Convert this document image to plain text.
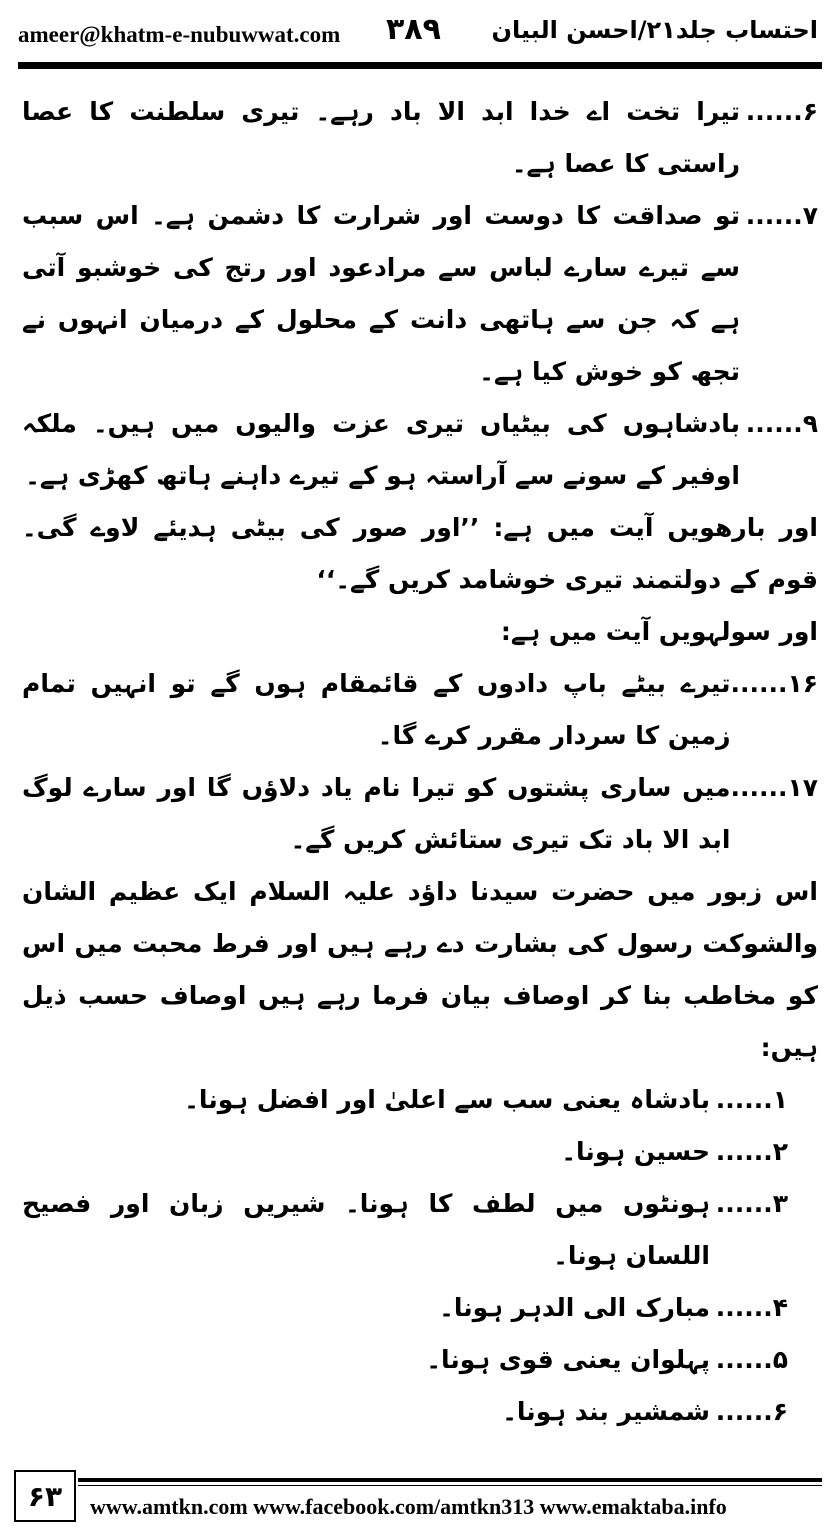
ameer@khatm-e-nubuwwat.com ۳۸۹ احتساب جلد۲۱/احسن البیان
۶......
تیرا تخت اے خدا ابد الا باد رہے۔ تیری سلطنت کا عصا راستی کا عصا ہے۔
۷......
تو صداقت کا دوست اور شرارت کا دشمن ہے۔ اس سبب سے تیرے سارے لباس سے مرادعود اور رتج کی خوشبو آتی ہے کہ جن سے ہاتھی دانت کے محلول کے درمیان انہوں نے تجھ کو خوش کیا ہے۔
۹......
بادشاہوں کی بیٹیاں تیری عزت والیوں میں ہیں۔ ملکہ اوفیر کے سونے سے آراستہ ہو کے تیرے داہنے ہاتھ کھڑی ہے۔
اور بارھویں آیت میں ہے: ’’اور صور کی بیٹی ہدیئے لاوے گی۔ قوم کے دولتمند تیری خوشامد کریں گے۔‘‘
اور سولہویں آیت میں ہے:
۱۶......
تیرے بیٹے باپ دادوں کے قائمقام ہوں گے تو انہیں تمام زمین کا سردار مقرر کرے گا۔
۱۷......
میں ساری پشتوں کو تیرا نام یاد دلاؤں گا اور سارے لوگ ابد الا باد تک تیری ستائش کریں گے۔
اس زبور میں حضرت سیدنا داؤد علیہ السلام ایک عظیم الشان والشوکت رسول کی بشارت دے رہے ہیں اور فرط محبت میں اس کو مخاطب بنا کر اوصاف بیان فرما رہے ہیں اوصاف حسب ذیل ہیں:
۱......
بادشاہ یعنی سب سے اعلیٰ اور افضل ہونا۔
۲......
حسین ہونا۔
۳......
ہونٹوں میں لطف کا ہونا۔ شیریں زبان اور فصیح اللسان ہونا۔
۴......
مبارک الی الدہر ہونا۔
۵......
پہلوان یعنی قوی ہونا۔
۶......
شمشیر بند ہونا۔
۶۳	www.amtkn.com www.facebook.com/amtkn313 www.emaktaba.info
